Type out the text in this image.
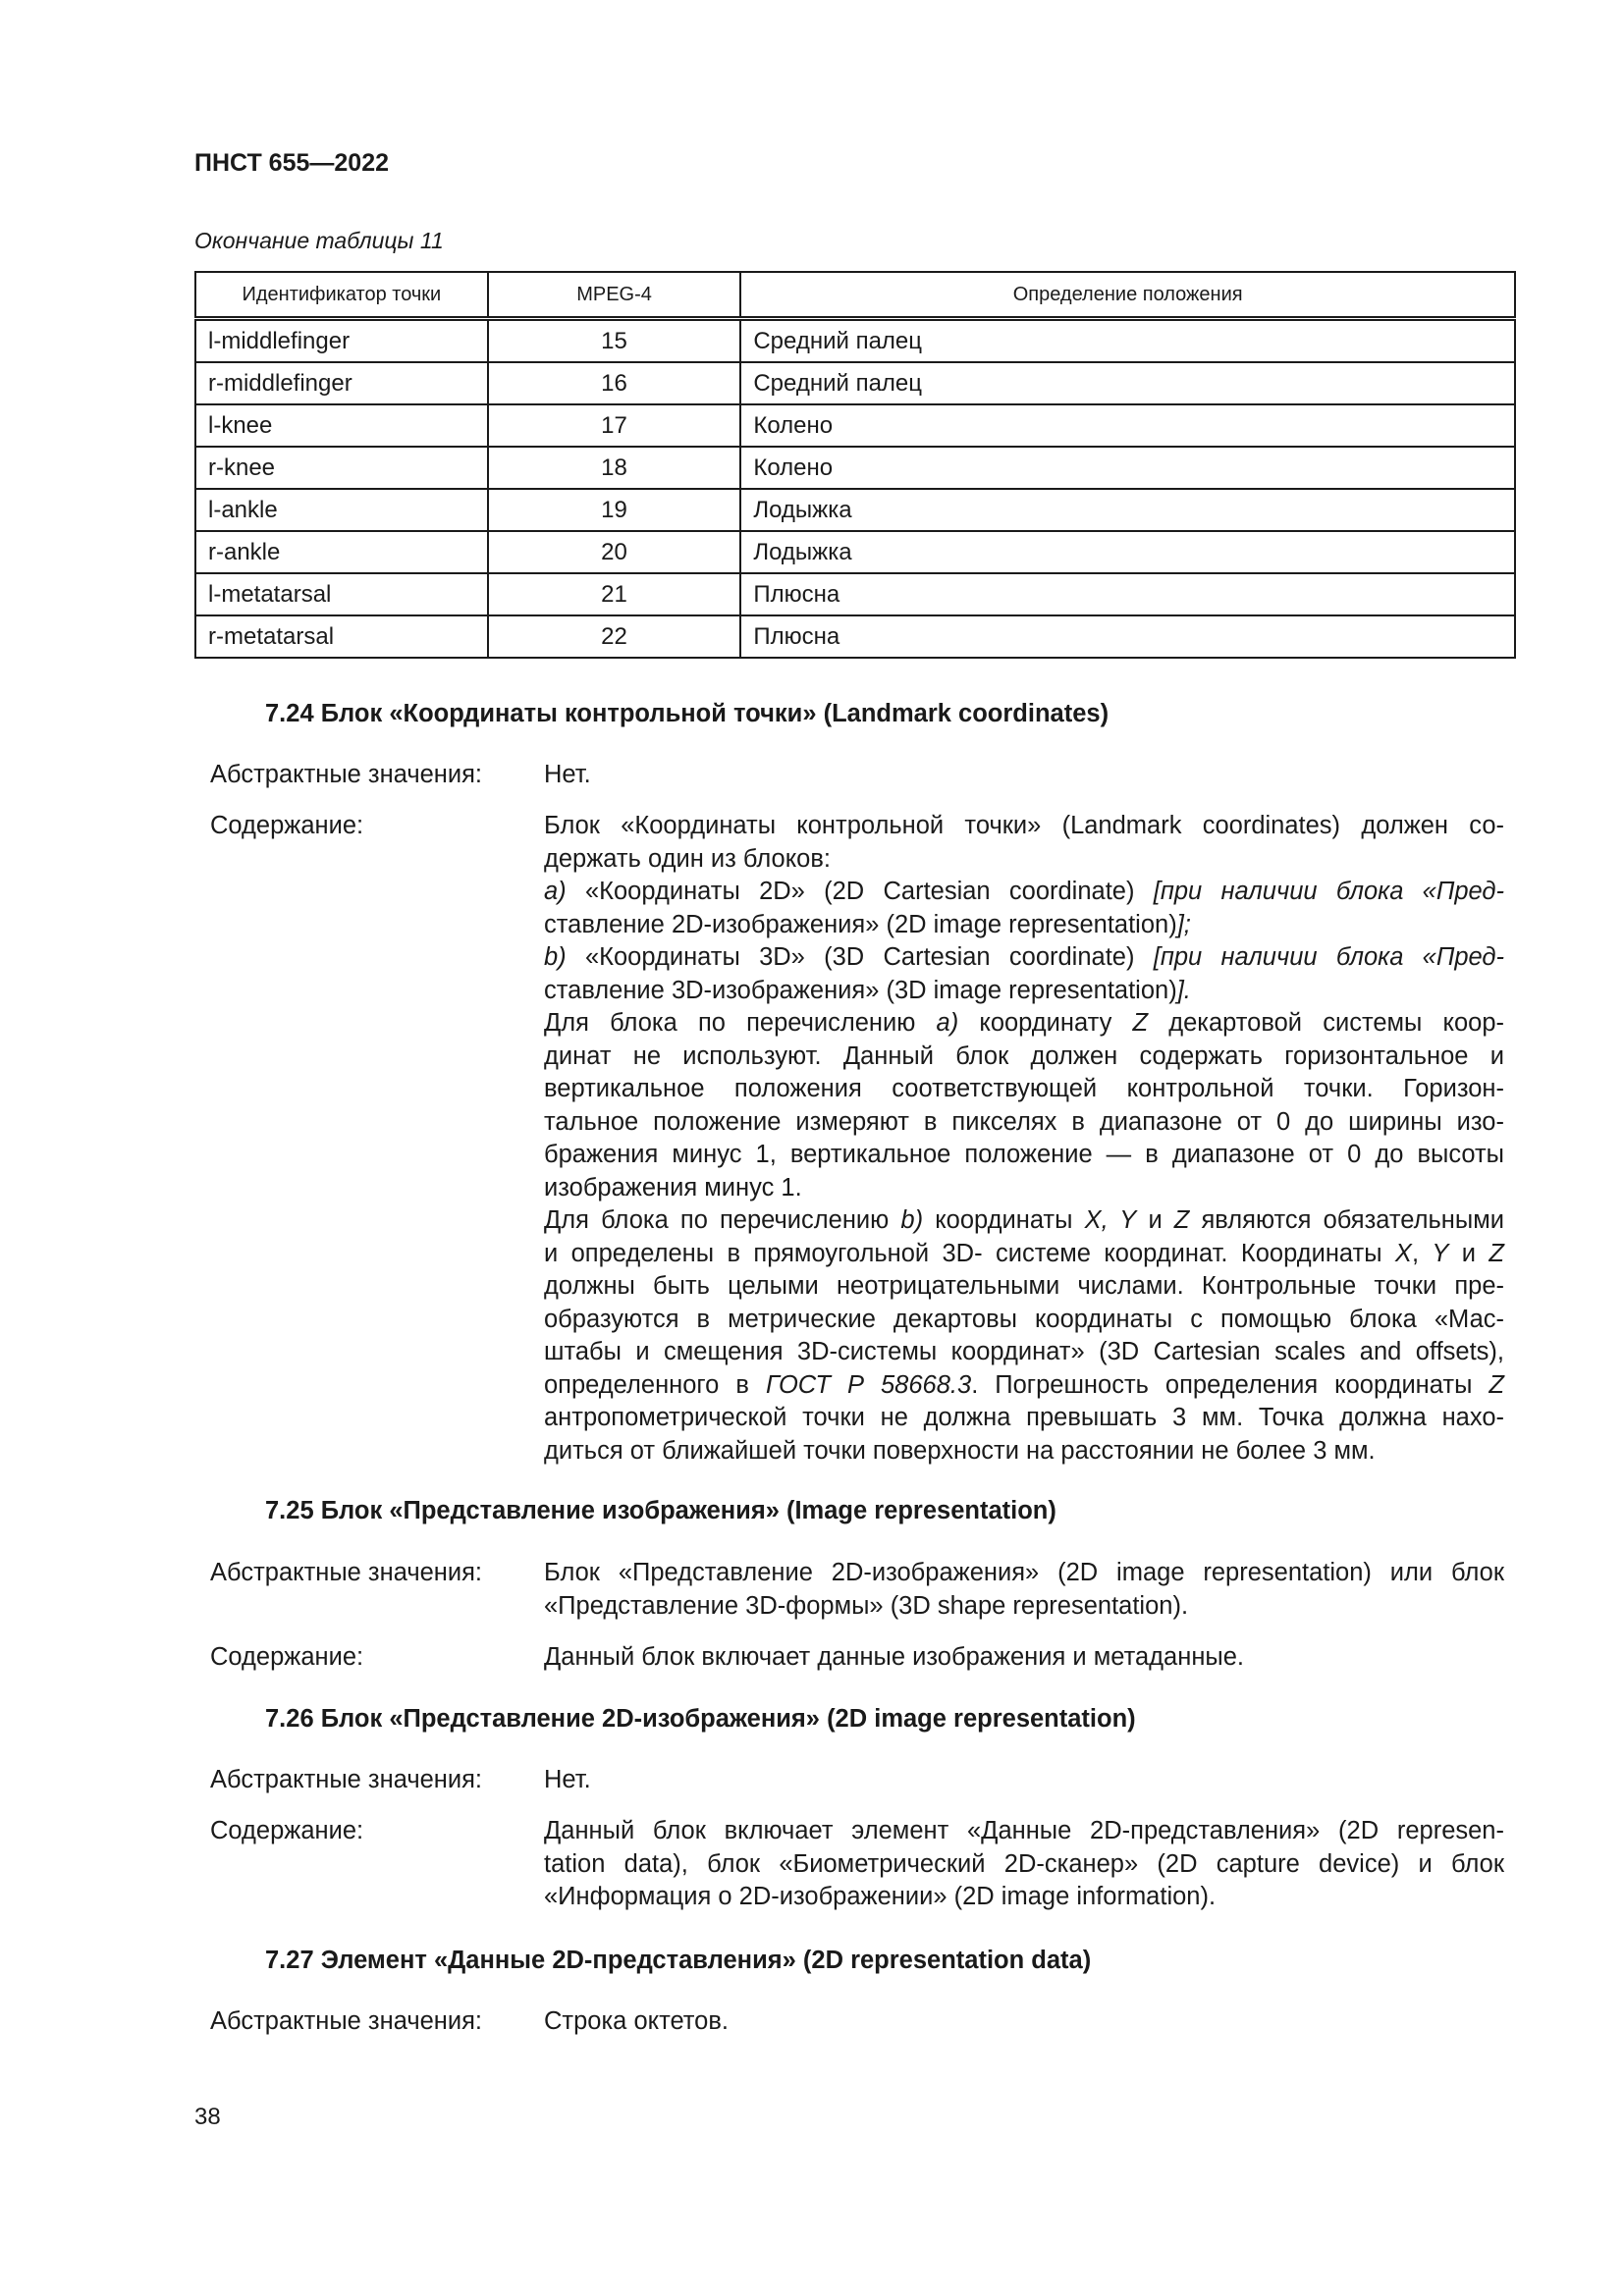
ПНСТ 655—2022
Окончание таблицы 11
Идентификатор точки	MPEG-4	Определение положения
l-middlefinger	15	Средний палец
r-middlefinger	16	Средний палец
l-knee	17	Колено
r-knee	18	Колено
l-ankle	19	Лодыжка
r-ankle	20	Лодыжка
l-metatarsal	21	Плюсна
r-metatarsal	22	Плюсна
7.24 Блок «Координаты контрольной точки» (Landmark coordinates)
Абстрактные значения: Нет.
Содержание:	Блок «Координаты контрольной точки» (Landmark coordinates) должен со-
держать один из блоков:
а) «Координаты 2D» (2D Cartesian coordinate) [при наличии блока «Пред-
ставление 2D-изображения» (2D image representation)];
b) «Координаты 3D» (3D Cartesian coordinate) [при наличии блока «Пред-
ставление 3D-изображения» (3D image representation)].
Для блока по перечислению а) координату Z декартовой системы коор-
динат не используют. Данный блок должен содержать горизонтальное и
вертикальное положения соответствующей контрольной точки. Горизон-
тальное положение измеряют в пикселях в диапазоне от 0 до ширины изо-
бражения минус 1, вертикальное положение — в диапазоне от 0 до высоты
изображения минус 1.
Для блока по перечислению b) координаты X, Y и Z являются обязательными
и определены в прямоугольной 3D- системе координат. Координаты X, Y и Z
должны быть целыми неотрицательными числами. Контрольные точки пре-
образуются в метрические декартовы координаты с помощью блока «Мас-
штабы и смещения 3D-системы координат» (3D Cartesian scales and offsets),
определенного в ГОСТ Р 58668.3. Погрешность определения координаты Z
антропометрической точки не должна превышать 3 мм. Точка должна нахо-
диться от ближайшей точки поверхности на расстоянии не более 3 мм.
7.25 Блок «Представление изображения» (Image representation)
Абстрактные значения: Блок «Представление 2D-изображения» (2D image representation) или блок
«Представление 3D-формы» (3D shape representation).
Содержание:	Данный блок включает данные изображения и метаданные.
7.26 Блок «Представление 2D-изображения» (2D image representation)
Абстрактные значения: Нет.
Содержание:	Данный блок включает элемент «Данные 2D-представления» (2D represen-
tation data), блок «Биометрический 2D-сканер» (2D capture device) и блок
«Информация о 2D-изображении» (2D image information).
7.27 Элемент «Данные 2D-представления» (2D representation data)
Абстрактные значения: Строка октетов.
38
